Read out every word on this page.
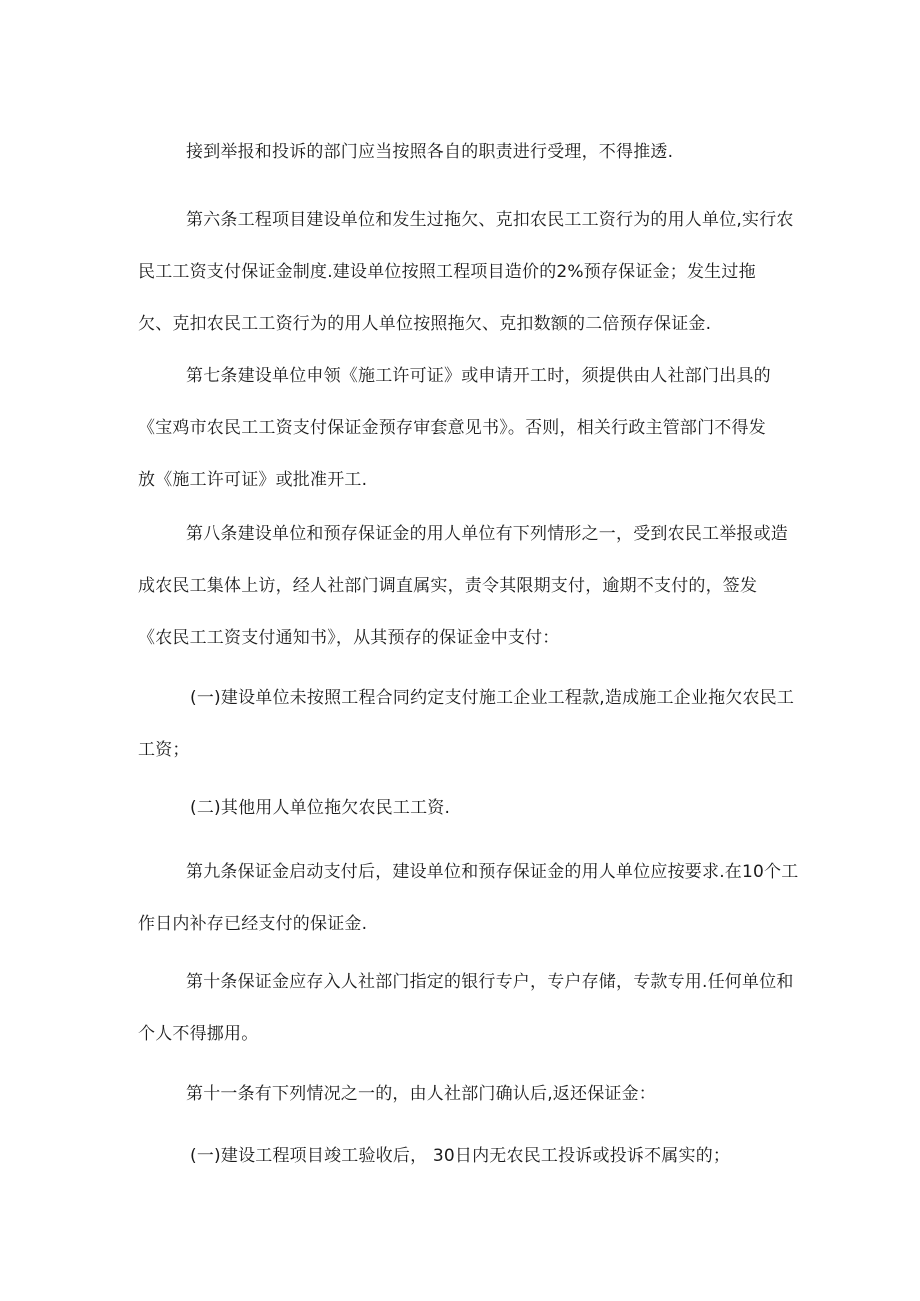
接到举报和投诉的部门应当按照各自的职责进行受理，不得推透.

第六条工程项目建设单位和发生过拖欠、克扣农民工工资行为的用人单位,实行农
民工工资支付保证金制度.建设单位按照工程项目造价的2%预存保证金；发生过拖
欠、克扣农民工工资行为的用人单位按照拖欠、克扣数额的二倍预存保证金.

第七条建设单位申领《施工许可证》或申请开工时，须提供由人社部门出具的
《宝鸡市农民工工资支付保证金预存审套意见书》。否则，相关行政主管部门不得发
放《施工许可证》或批准开工.

第八条建设单位和预存保证金的用人单位有下列情形之一，受到农民工举报或造
成农民工集体上访，经人社部门调直属实，责令其限期支付，逾期不支付的，签发
《农民工工资支付通知书》，从其预存的保证金中支付：

(一)建设单位未按照工程合同约定支付施工企业工程款,造成施工企业拖欠农民工
工资；

(二)其他用人单位拖欠农民工工资.

第九条保证金启动支付后，建设单位和预存保证金的用人单位应按要求.在10个工
作日内补存已经支付的保证金.

第十条保证金应存入人社部门指定的银行专户，专户存储，专款专用.任何单位和
个人不得挪用。

第十一条有下列情况之一的，由人社部门确认后,返还保证金：

(一)建设工程项目竣工验收后， 30日内无农民工投诉或投诉不属实的；
